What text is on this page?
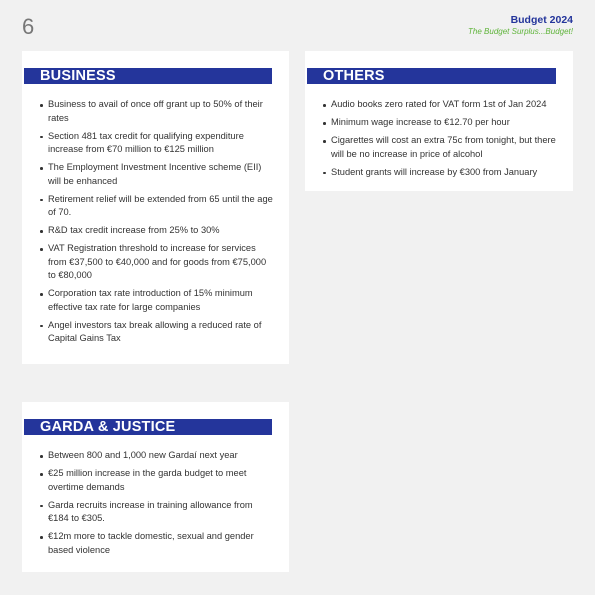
6	Budget 2024
The Budget Surplus...Budget!
BUSINESS
Business to avail of once off grant up to 50% of their rates
Section 481 tax credit for qualifying expenditure increase from €70 million to €125 million
The Employment Investment Incentive scheme (EII) will be enhanced
Retirement relief will be extended from 65 until the age of 70.
R&D tax credit increase from 25% to 30%
VAT Registration threshold to increase for services from €37,500 to €40,000 and for goods from €75,000 to €80,000
Corporation tax rate introduction of 15% minimum effective tax rate for large companies
Angel investors tax break allowing a reduced rate of Capital Gains Tax
OTHERS
Audio books zero rated for VAT form 1st of Jan 2024
Minimum wage increase to €12.70 per hour
Cigarettes will cost an extra 75c from tonight, but there will be no increase in price of alcohol
Student grants will increase by €300 from January
GARDA & JUSTICE
Between 800 and 1,000 new Gardaí next year
€25 million increase in the garda budget to meet overtime demands
Garda recruits increase in training allowance from €184 to €305.
€12m more to tackle domestic, sexual and gender based violence
